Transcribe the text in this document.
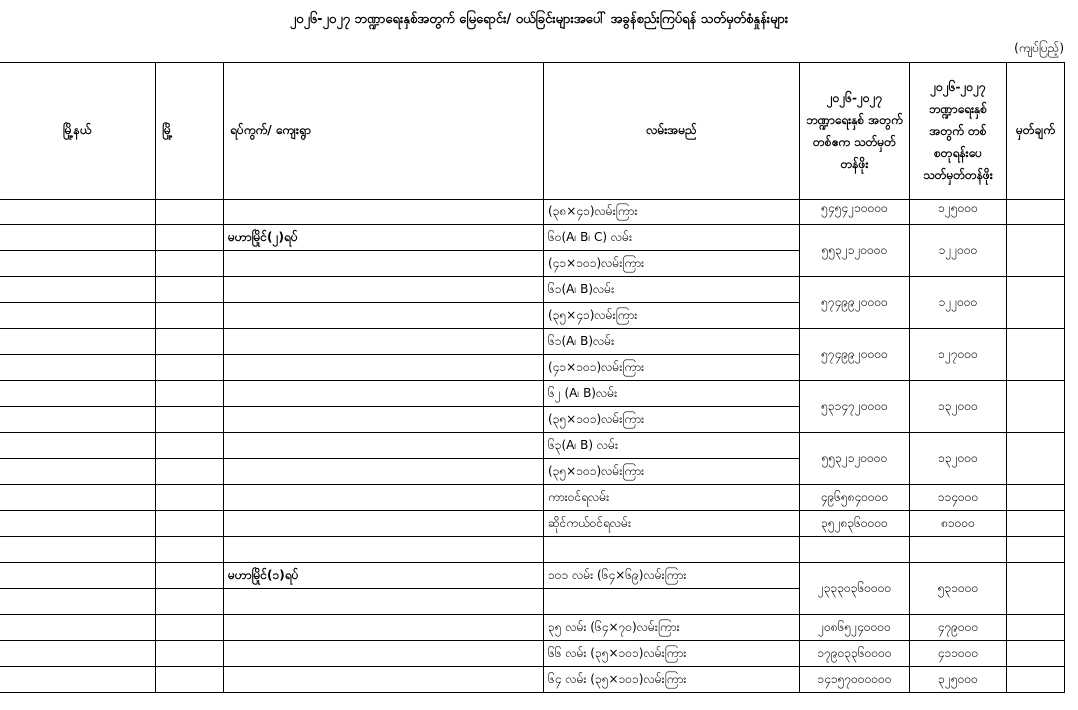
၂၀၂၆-၂၀၂၇ ဘဏ္ဍာရေးနှစ်အတွက် မြေရောင်း/ ဝယ်ခြင်းများအပေါ် အခွန်စည်းကြပ်ရန် သတ်မှတ်စံနှုန်းများ
(ကျပ်ပြည့်)
မြို့နယ်	မြို့	ရပ်ကွက်/ ကျေးရွာ	လမ်းအမည်	၂၀၂၆-၂၀၂၇ ဘဏ္ဍာရေးနှစ် အတွက် တစ်ဧက သတ်မှတ်တန်ဖိုး	၂၀၂၆-၂၀၂၇ ဘဏ္ဍာရေးနှစ် အတွက် တစ်စတုရန်းပေ သတ်မှတ်တန်ဖိုး	မှတ်ချက်
			(၃၈×၄၁)လမ်းကြား	၅၄၅၄၂၁၀၀၀၀	၁၂၅၀၀၀	

		မဟာမြိုင်(၂)ရပ်	၆၀(A၊ B၊ C) လမ်း	၅၅၃၂၁၂၀၀၀၀	၁၂၂၀၀၀	
			(၄၁×၁၀၁)လမ်းကြား			
			၆၁(A၊ B)လမ်း	၅၇၄၉၉၂၀၀၀၀	၁၂၂၀၀၀	
			(၃၅×၄၁)လမ်းကြား			
			၆၁(A၊ B)လမ်း	၅၇၄၉၉၂၀၀၀၀	၁၂၇၀၀၀	
			(၄၁×၁၀၁)လမ်းကြား			
			၆၂ (A၊ B)လမ်း	၅၃၁၄၇၂၀၀၀၀	၁၃၂၀၀၀	
			(၃၅×၁၀၁)လမ်းကြား			
			၆၃(A၊ B) လမ်း	၅၅၃၂၁၂၀၀၀၀	၁၃၂၀၀၀	
			(၃၅×၁၀၁)လမ်းကြား			
			ကားဝင်ရလမ်း	၄၉၆၅၈၄၀၀၀၀	၁၁၄၀၀၀	
			ဆိုင်ကယ်ဝင်ရလမ်း	၃၅၂၈၃၆၀၀၀၀	၈၁၀၀၀	

		မဟာမြိုင်(၁)ရပ်	၁၀၁ လမ်း (၆၄×၆၉)လမ်းကြား	၂၃၃၃၀၃၆၀၀၀၀	၅၃၁၀၀၀	

			၃၅ လမ်း (၆၄×၇၀)လမ်းကြား	၂၀၈၆၅၂၄၀၀၀၀	၄၇၉၀၀၀	
			၆၆ လမ်း (၃၅×၁၀၁)လမ်းကြား	၁၇၉၀၃၃၆၀၀၀၀	၄၁၁၀၀၀	
			၆၄ လမ်း (၃၅×၁၀၁)လမ်းကြား	၁၄၁၅၇၀၀၀၀၀၀	၃၂၅၀၀၀	
